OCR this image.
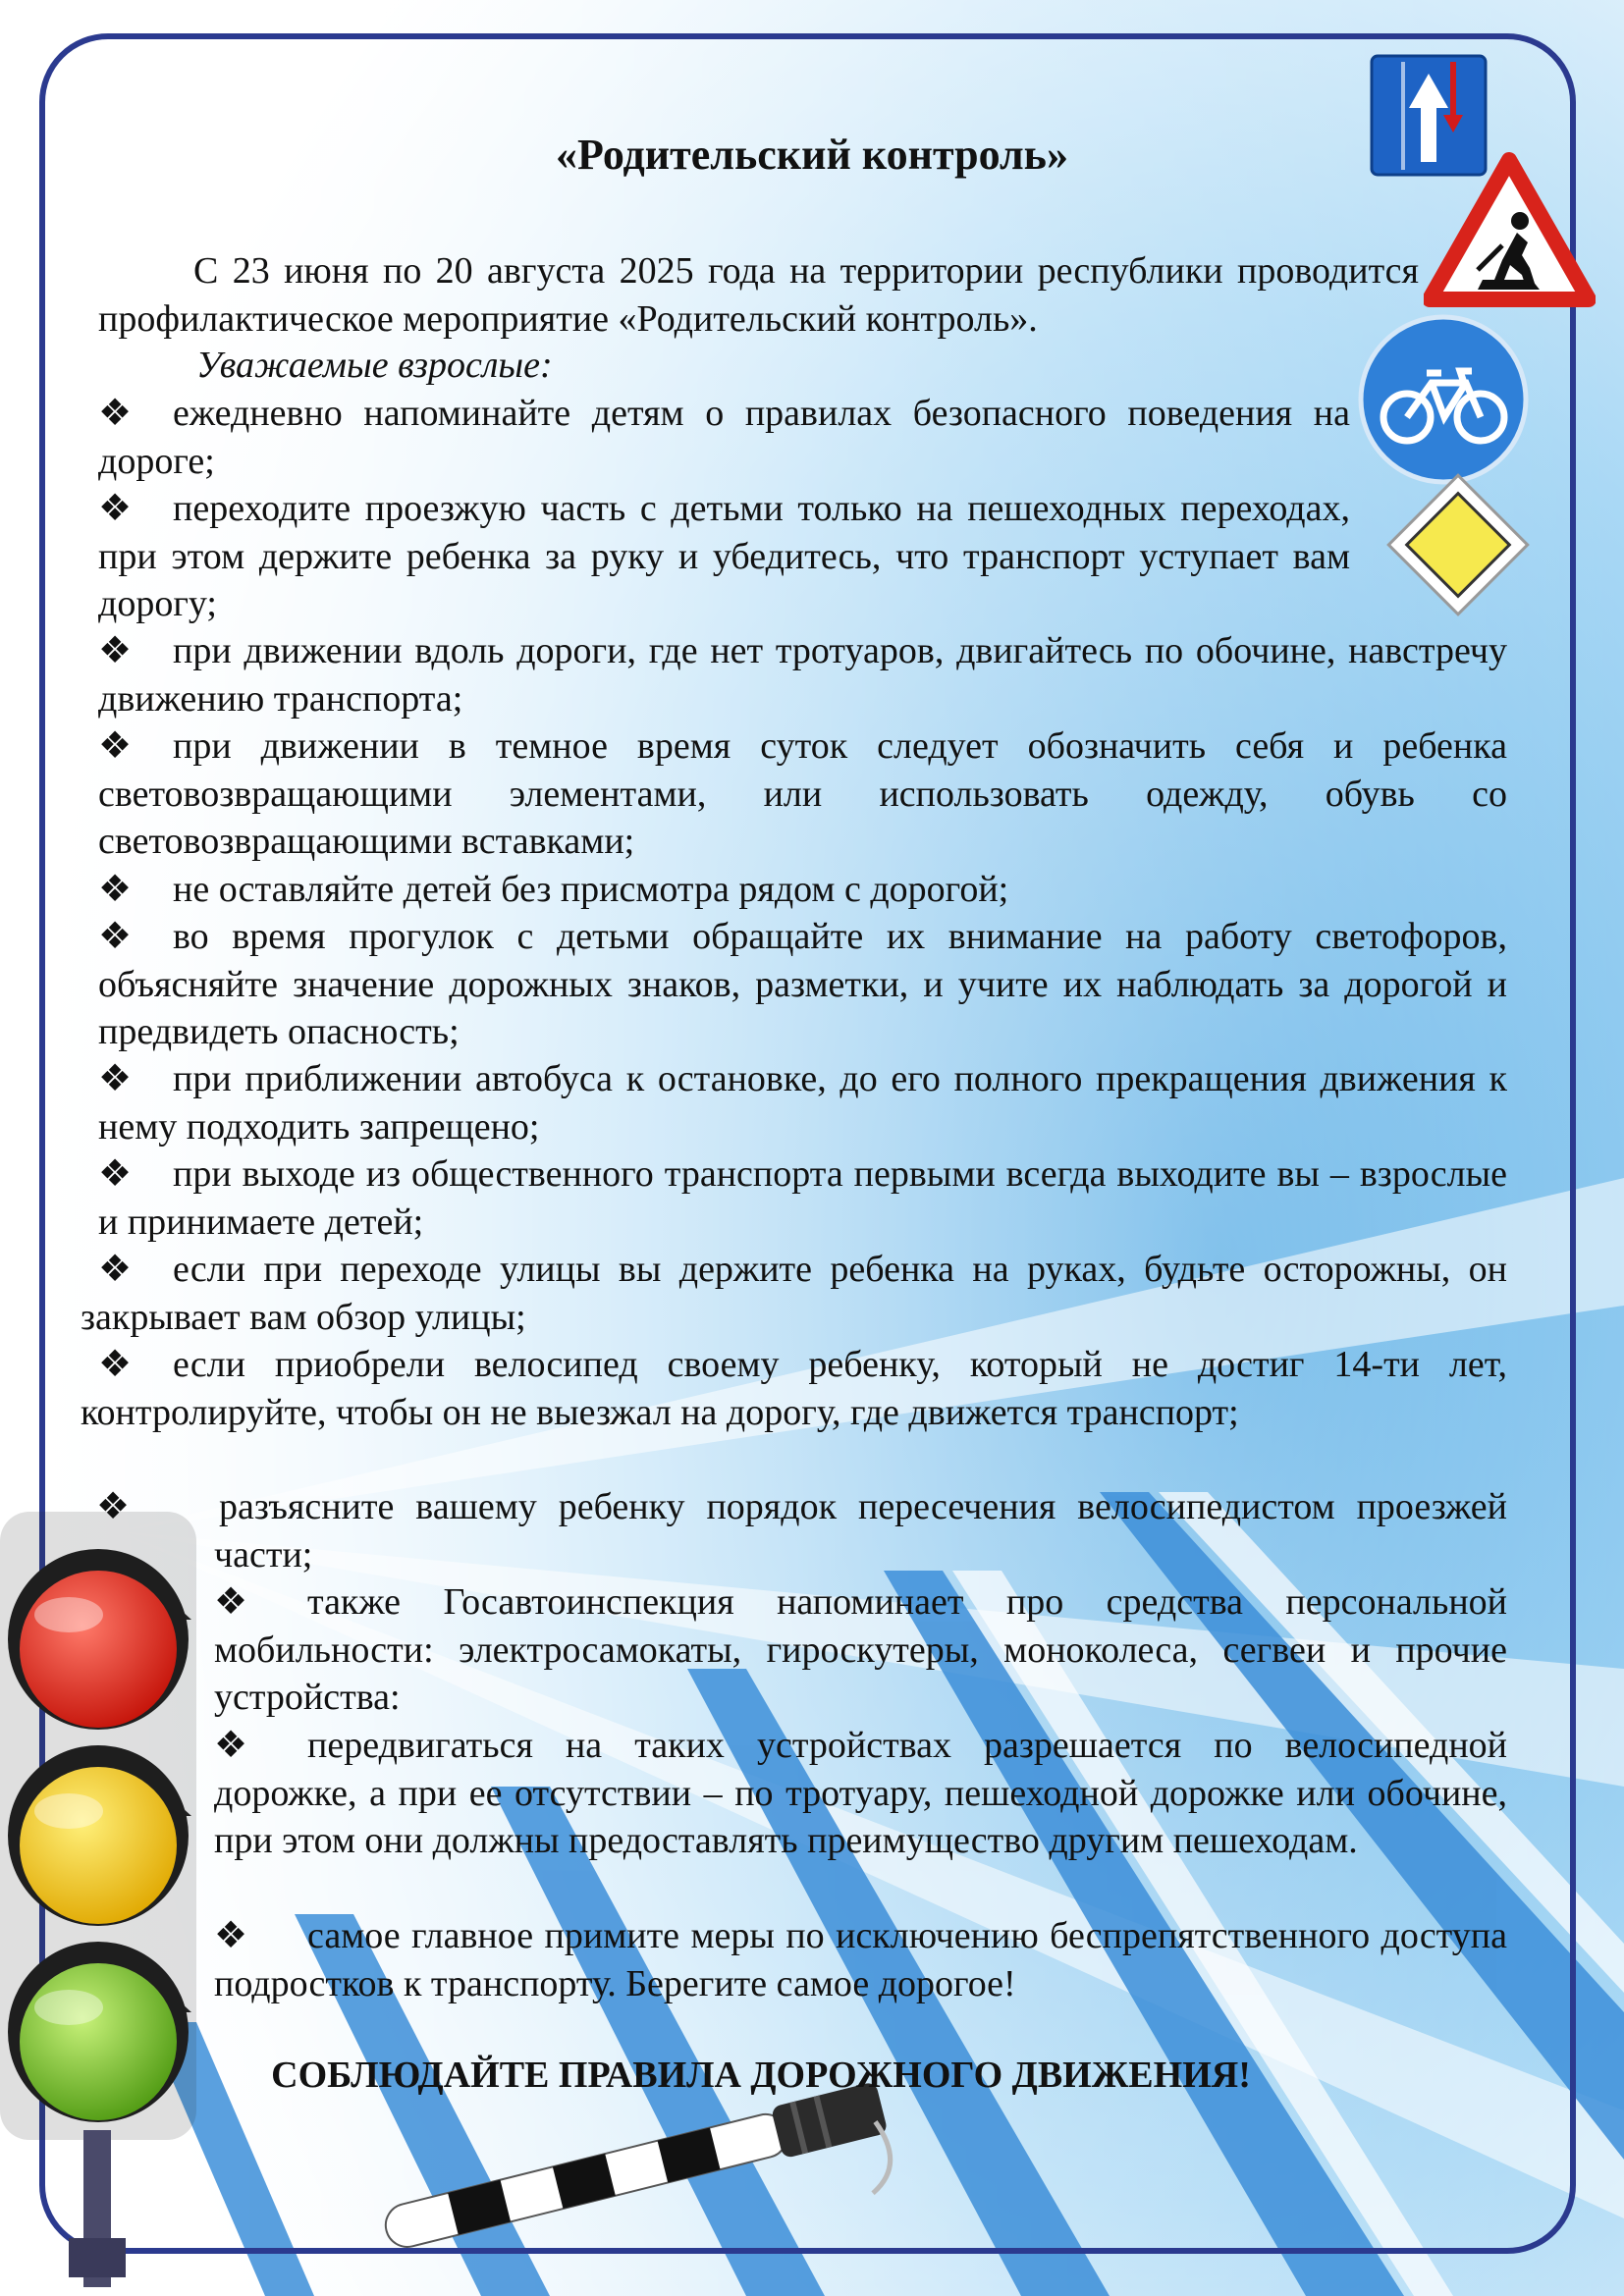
«Родительский контроль»

С 23 июня по 20 августа 2025 года на территории республики проводится профилактическое мероприятие «Родительский контроль».

Уважаемые взрослые:

❖ ежедневно напоминайте детям о правилах безопасного поведения на дороге;

❖ переходите проезжую часть с детьми только на пешеходных переходах, при этом держите ребенка за руку и убедитесь, что транспорт уступает вам дорогу;

❖ при движении вдоль дороги, где нет тротуаров, двигайтесь по обочине, навстречу движению транспорта;

❖ при движении в темное время суток следует обозначить себя и ребенка световозвращающими элементами, или использовать одежду, обувь со световозвращающими вставками;

❖ не оставляйте детей без присмотра рядом с дорогой;

❖ во время прогулок с детьми обращайте их внимание на работу светофоров, объясняйте значение дорожных знаков, разметки, и учите их наблюдать за дорогой и предвидеть опасность;

❖ при приближении автобуса к остановке, до его полного прекращения движения к нему подходить запрещено;

❖ при выходе из общественного транспорта первыми всегда выходите вы – взрослые и принимаете детей;

❖ если при переходе улицы вы держите ребенка на руках, будьте осторожны, он закрывает вам обзор улицы;

❖ если приобрели велосипед своему ребенку, который не достиг 14-ти лет, контролируйте, чтобы он не выезжал на дорогу, где движется транспорт;

❖ разъясните вашему ребенку порядок пересечения велосипедистом проезжей части;

❖ также Госавтоинспекция напоминает про средства персональной мобильности: электросамокаты, гироскутеры, моноколеса, сегвеи и прочие устройства:

❖ передвигаться на таких устройствах разрешается по велосипедной дорожке, а при ее отсутствии – по тротуару, пешеходной дорожке или обочине, при этом они должны предоставлять преимущество другим пешеходам.

❖ самое главное примите меры по исключению беспрепятственного доступа подростков к транспорту. Берегите самое дорогое!

СОБЛЮДАЙТЕ ПРАВИЛА ДОРОЖНОГО ДВИЖЕНИЯ!
